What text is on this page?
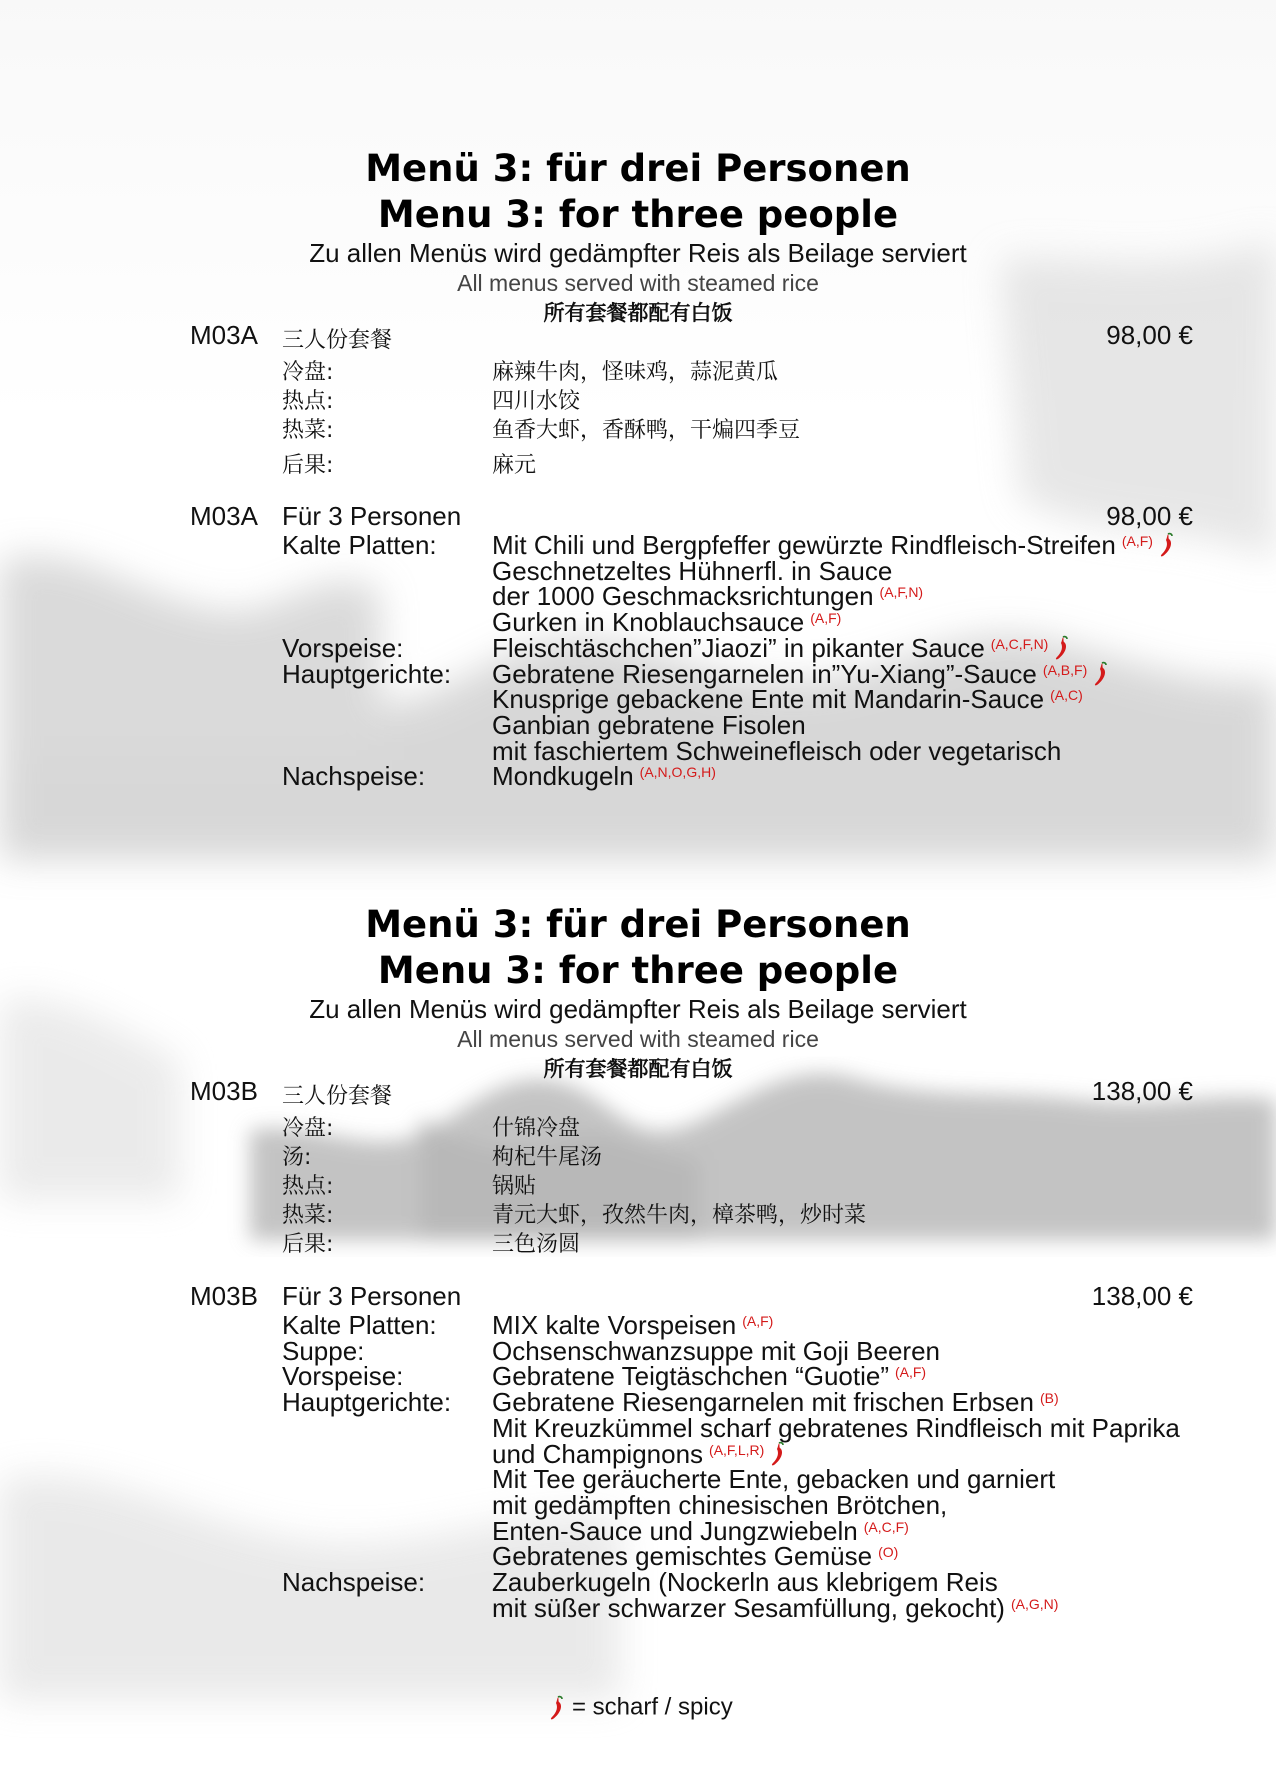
Menü 3: für drei Personen
Menu 3: for three people
Zu allen Menüs wird gedämpfter Reis als Beilage serviert
All menus served with steamed rice
所有套餐都配有白饭
M03A 三人份套餐	98,00 €
冷盘:	麻辣牛肉，怪味鸡，蒜泥黄瓜
热点:	四川水饺
热菜:	鱼香大虾，香酥鸭，干煸四季豆
后果:	麻元
M03A Für 3 Personen	98,00 €
Kalte Platten: Mit Chili und Bergpfeffer gewürzte Rindfleisch-Streifen $^{(A,F)}$
Geschnetzeltes Hühnerfl. in Sauce
der 1000 Geschmacksrichtungen $^{(A,F,N)}$
Gurken in Knoblauchsauce $^{(A,F)}$
Vorspeise:	Fleischtäschchen”Jiaozi” in pikanter Sauce $^{(A,C,F,N)}$
Hauptgerichte: Gebratene Riesengarnelen in”Yu-Xiang”-Sauce $^{(A,B,F)}$
Knusprige gebackene Ente mit Mandarin-Sauce $^{(A,C)}$
Ganbian gebratene Fisolen
mit faschiertem Schweinefleisch oder vegetarisch
Nachspeise:	Mondkugeln $^{(A,N,O,G,H)}$
Menü 3: für drei Personen
Menu 3: for three people
Zu allen Menüs wird gedämpfter Reis als Beilage serviert
All menus served with steamed rice
所有套餐都配有白饭
M03B 三人份套餐	138,00 €
冷盘:	什锦冷盘
汤:	枸杞牛尾汤
热点:	锅贴
热菜:	青元大虾，孜然牛肉，樟茶鸭，炒时菜
后果:	三色汤圆
M03B Für 3 Personen	138,00 €
Kalte Platten: MIX kalte Vorspeisen $^{(A,F)}$
Suppe:	Ochsenschwanzsuppe mit Goji Beeren
Vorspeise:	Gebratene Teigtäschchen “Guotie” $^{(A,F)}$
Hauptgerichte: Gebratene Riesengarnelen mit frischen Erbsen $^{(B)}$
Mit Kreuzkümmel scharf gebratenes Rindfleisch mit Paprika
und Champignons $^{(A,F,L,R)}$
Mit Tee geräucherte Ente, gebacken und garniert
mit gedämpften chinesischen Brötchen,
Enten-Sauce und Jungzwiebeln $^{(A,C,F)}$
Gebratenes gemischtes Gemüse $^{(O)}$
Nachspeise:	Zauberkugeln (Nockerln aus klebrigem Reis
mit süßer schwarzer Sesamfüllung, gekocht) $^{(A,G,N)}$
= scharf / spicy
